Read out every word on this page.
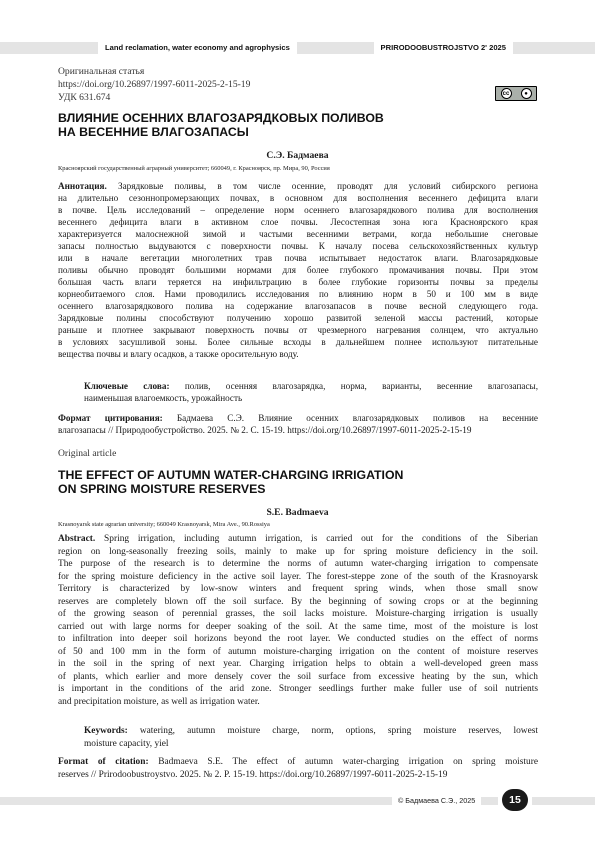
Land reclamation, water economy and agrophysics	PRIRODOOBUSTROJSTVO 2' 2025
Оригинальная статья
https://doi.org/10.26897/1997-6011-2025-2-15-19
УДК 631.674	cc	●
ВЛИЯНИЕ ОСЕННИХ ВЛАГОЗАРЯДКОВЫХ ПОЛИВОВ
НА ВЕСЕННИЕ ВЛАГОЗАПАСЫ
С.Э. Бадмаева
Красноярский государственный аграрный университет; 660049, г. Красноярск, пр. Мира, 90, Россия
Аннотация. Зарядковые поливы, в том числе осенние, проводят для условий сибирского региона
на длительно сезоннопромерзающих почвах, в основном для восполнения весеннего дефицита влаги
в почве. Цель исследований – определение норм осеннего влагозарядкового полива для восполнения
весеннего дефицита влаги в активном слое почвы. Лесостепная зона юга Красноярского края
характеризуется малоснежной зимой и частыми весенними ветрами, когда небольшие снеговые
запасы полностью выдуваются с поверхности почвы. К началу посева сельскохозяйственных культур
или в начале вегетации многолетних трав почва испытывает недостаток влаги. Влагозарядковые
поливы обычно проводят большими нормами для более глубокого промачивания почвы. При этом
большая часть влаги теряется на инфильтрацию в более глубокие горизонты почвы за пределы
корнеобитаемого слоя. Нами проводились исследования по влиянию норм в 50 и 100 мм в виде
осеннего влагозарядкового полива на содержание влагозапасов в почве весной следующего года.
Зарядковые полины способствуют получению хорошо развитой зеленой массы растений, которые
раньше и плотнее закрывают поверхность почвы от чрезмерного нагревания солнцем, что актуально
в условиях засушливой зоны. Более сильные всходы в дальнейшем полнее используют питательные
вещества почвы и влагу осадков, а также оросительную воду.
Ключевые слова: полив, осенняя влагозарядка, норма, варианты, весенние влагозапасы,
наименьшая влагоемкость, урожайность
Формат цитирования: Бадмаева С.Э. Влияние осенних влагозарядковых поливов на весенние
влагозапасы // Природообустройство. 2025. № 2. С. 15-19. https://doi.org/10.26897/1997-6011-2025-2-15-19
Original article
THE EFFECT OF AUTUMN WATER-CHARGING IRRIGATION
ON SPRING MOISTURE RESERVES
S.E. Badmaeva
Krasnoyarsk state agrarian university; 660049 Krasnoyarsk, Mira Ave., 90.Rossiya
Abstract. Spring irrigation, including autumn irrigation, is carried out for the conditions of the Siberian
region on long-seasonally freezing soils, mainly to make up for spring moisture deficiency in the soil.
The purpose of the research is to determine the norms of autumn water-charging irrigation to compensate
for the spring moisture deficiency in the active soil layer. The forest-steppe zone of the south of the Krasnoyarsk
Territory is characterized by low-snow winters and frequent spring winds, when those small snow
reserves are completely blown off the soil surface. By the beginning of sowing crops or at the beginning
of the growing season of perennial grasses, the soil lacks moisture. Moisture-charging irrigation is usually
carried out with large norms for deeper soaking of the soil. At the same time, most of the moisture is lost
to infiltration into deeper soil horizons beyond the root layer. We conducted studies on the effect of norms
of 50 and 100 mm in the form of autumn moisture-charging irrigation on the content of moisture reserves
in the soil in the spring of next year. Charging irrigation helps to obtain a well-developed green mass
of plants, which earlier and more densely cover the soil surface from excessive heating by the sun, which
is important in the conditions of the arid zone. Stronger seedlings further make fuller use of soil nutrients
and precipitation moisture, as well as irrigation water.
Keywords: watering, autumn moisture charge, norm, options, spring moisture reserves, lowest
moisture capacity, yiel
Format of citation: Badmaeva S.E. The effect of autumn water-charging irrigation on spring moisture
reserves // Prirodoobustroystvo. 2025. № 2. P. 15-19. https://doi.org/10.26897/1997-6011-2025-2-15-19
© Бадмаева С.Э., 2025	15
